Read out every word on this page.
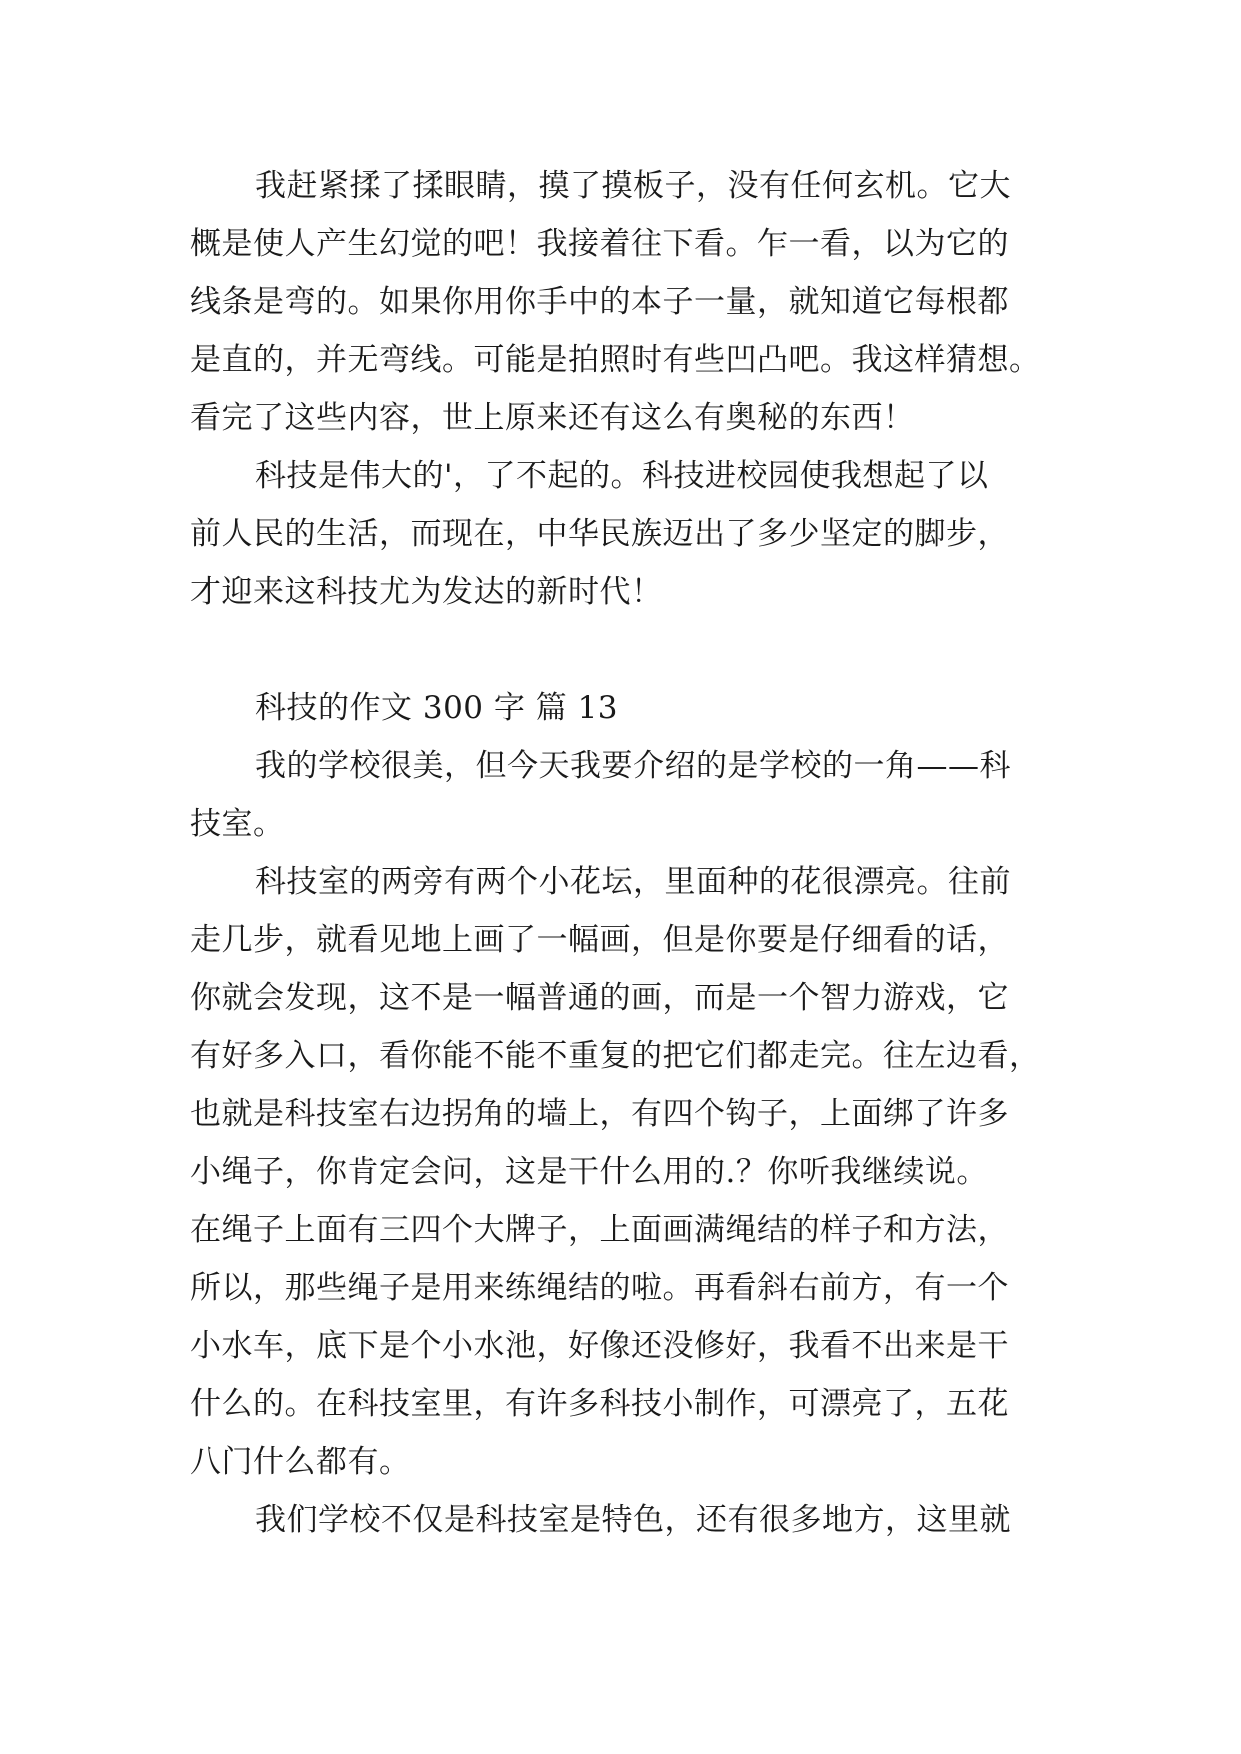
我赶紧揉了揉眼睛，摸了摸板子，没有任何玄机。它大
概是使人产生幻觉的吧！我接着往下看。乍一看，以为它的
线条是弯的。如果你用你手中的本子一量，就知道它每根都
是直的，并无弯线。可能是拍照时有些凹凸吧。我这样猜想。
看完了这些内容，世上原来还有这么有奥秘的东西！
科技是伟大的'，了不起的。科技进校园使我想起了以
前人民的生活，而现在，中华民族迈出了多少坚定的脚步，
才迎来这科技尤为发达的新时代！
科技的作文 300 字 篇 13
我的学校很美，但今天我要介绍的是学校的一角——科
技室。
科技室的两旁有两个小花坛，里面种的花很漂亮。往前
走几步，就看见地上画了一幅画，但是你要是仔细看的话，
你就会发现，这不是一幅普通的画，而是一个智力游戏，它
有好多入口，看你能不能不重复的把它们都走完。往左边看，
也就是科技室右边拐角的墙上，有四个钩子，上面绑了许多
小绳子，你肯定会问，这是干什么用的.？你听我继续说。
在绳子上面有三四个大牌子，上面画满绳结的样子和方法，
所以，那些绳子是用来练绳结的啦。再看斜右前方，有一个
小水车，底下是个小水池，好像还没修好，我看不出来是干
什么的。在科技室里，有许多科技小制作，可漂亮了，五花
八门什么都有。
我们学校不仅是科技室是特色，还有很多地方，这里就
